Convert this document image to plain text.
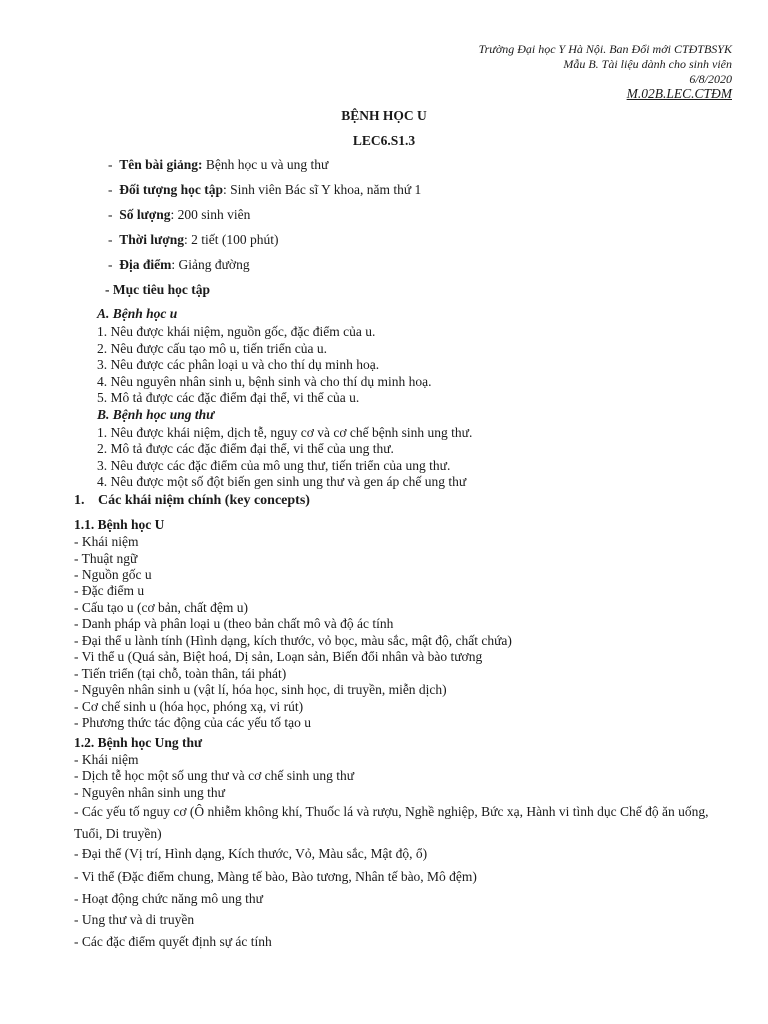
Trường Đại học Y Hà Nội. Ban Đổi mới CTĐTBSYK
Mẫu B. Tài liệu dành cho sinh viên
6/8/2020
M.02B.LEC.CTĐM
BỆNH HỌC U
LEC6.S1.3
-  Tên bài giảng: Bệnh học u và ung thư
-  Đối tượng học tập: Sinh viên Bác sĩ Y khoa, năm thứ 1
-  Số lượng: 200 sinh viên
-  Thời lượng: 2 tiết (100 phút)
-  Địa điểm: Giảng đường
- Mục tiêu học tập
A. Bệnh học u
1. Nêu được khái niệm, nguồn gốc, đặc điểm của u.
2. Nêu được cấu tạo mô u, tiến triển của u.
3. Nêu được các phân loại u và cho thí dụ minh hoạ.
4. Nêu nguyên nhân sinh u, bệnh sinh và cho thí dụ minh hoạ.
5. Mô tả được các đặc điểm đại thể, vi thể của u.
B. Bệnh học ung thư
1. Nêu được khái niệm, dịch tễ, nguy cơ và cơ chế bệnh sinh ung thư.
2. Mô tả được các đặc điểm đại thể, vi thể của ung thư.
3. Nêu được các đặc điểm của mô ung thư, tiến triển của ung thư.
4. Nêu được một số đột biến gen sinh ung thư và gen áp chế ung thư
1. Các khái niệm chính (key concepts)
1.1. Bệnh học U
- Khái niệm
- Thuật ngữ
- Nguồn gốc u
- Đặc điểm u
- Cấu tạo u (cơ bản, chất đệm u)
- Danh pháp và phân loại u (theo bản chất mô và độ ác tính
- Đại thể u lành tính (Hình dạng, kích thước, vỏ bọc, màu sắc, mật độ, chất chứa)
- Vi thể u (Quá sản, Biệt hoá, Dị sản, Loạn sản, Biến đổi nhân và bào tương
- Tiến triển (tại chỗ, toàn thân, tái phát)
- Nguyên nhân sinh u (vật lí, hóa học, sinh học, di truyền, miễn dịch)
- Cơ chế sinh u (hóa học, phóng xạ, vi rút)
- Phương thức tác động của các yếu tố tạo u
1.2. Bệnh học Ung thư
- Khái niệm
- Dịch tễ học một số ung thư và cơ chế sinh ung thư
- Nguyên nhân sinh ung thư
- Các yếu tố nguy cơ (Ô nhiễm không khí, Thuốc lá và rượu, Nghề nghiệp, Bức xạ, Hành vi tình dục Chế độ ăn uống, Tuổi, Di truyền)
- Đại thể (Vị trí, Hình dạng, Kích thước, Vỏ, Màu sắc, Mật độ, ổ)
- Vi thể (Đặc điểm chung, Màng tế bào, Bào tương, Nhân tế bào, Mô đệm)
- Hoạt động chức năng mô ung thư
- Ung thư và di truyền
- Các đặc điểm quyết định sự ác tính
